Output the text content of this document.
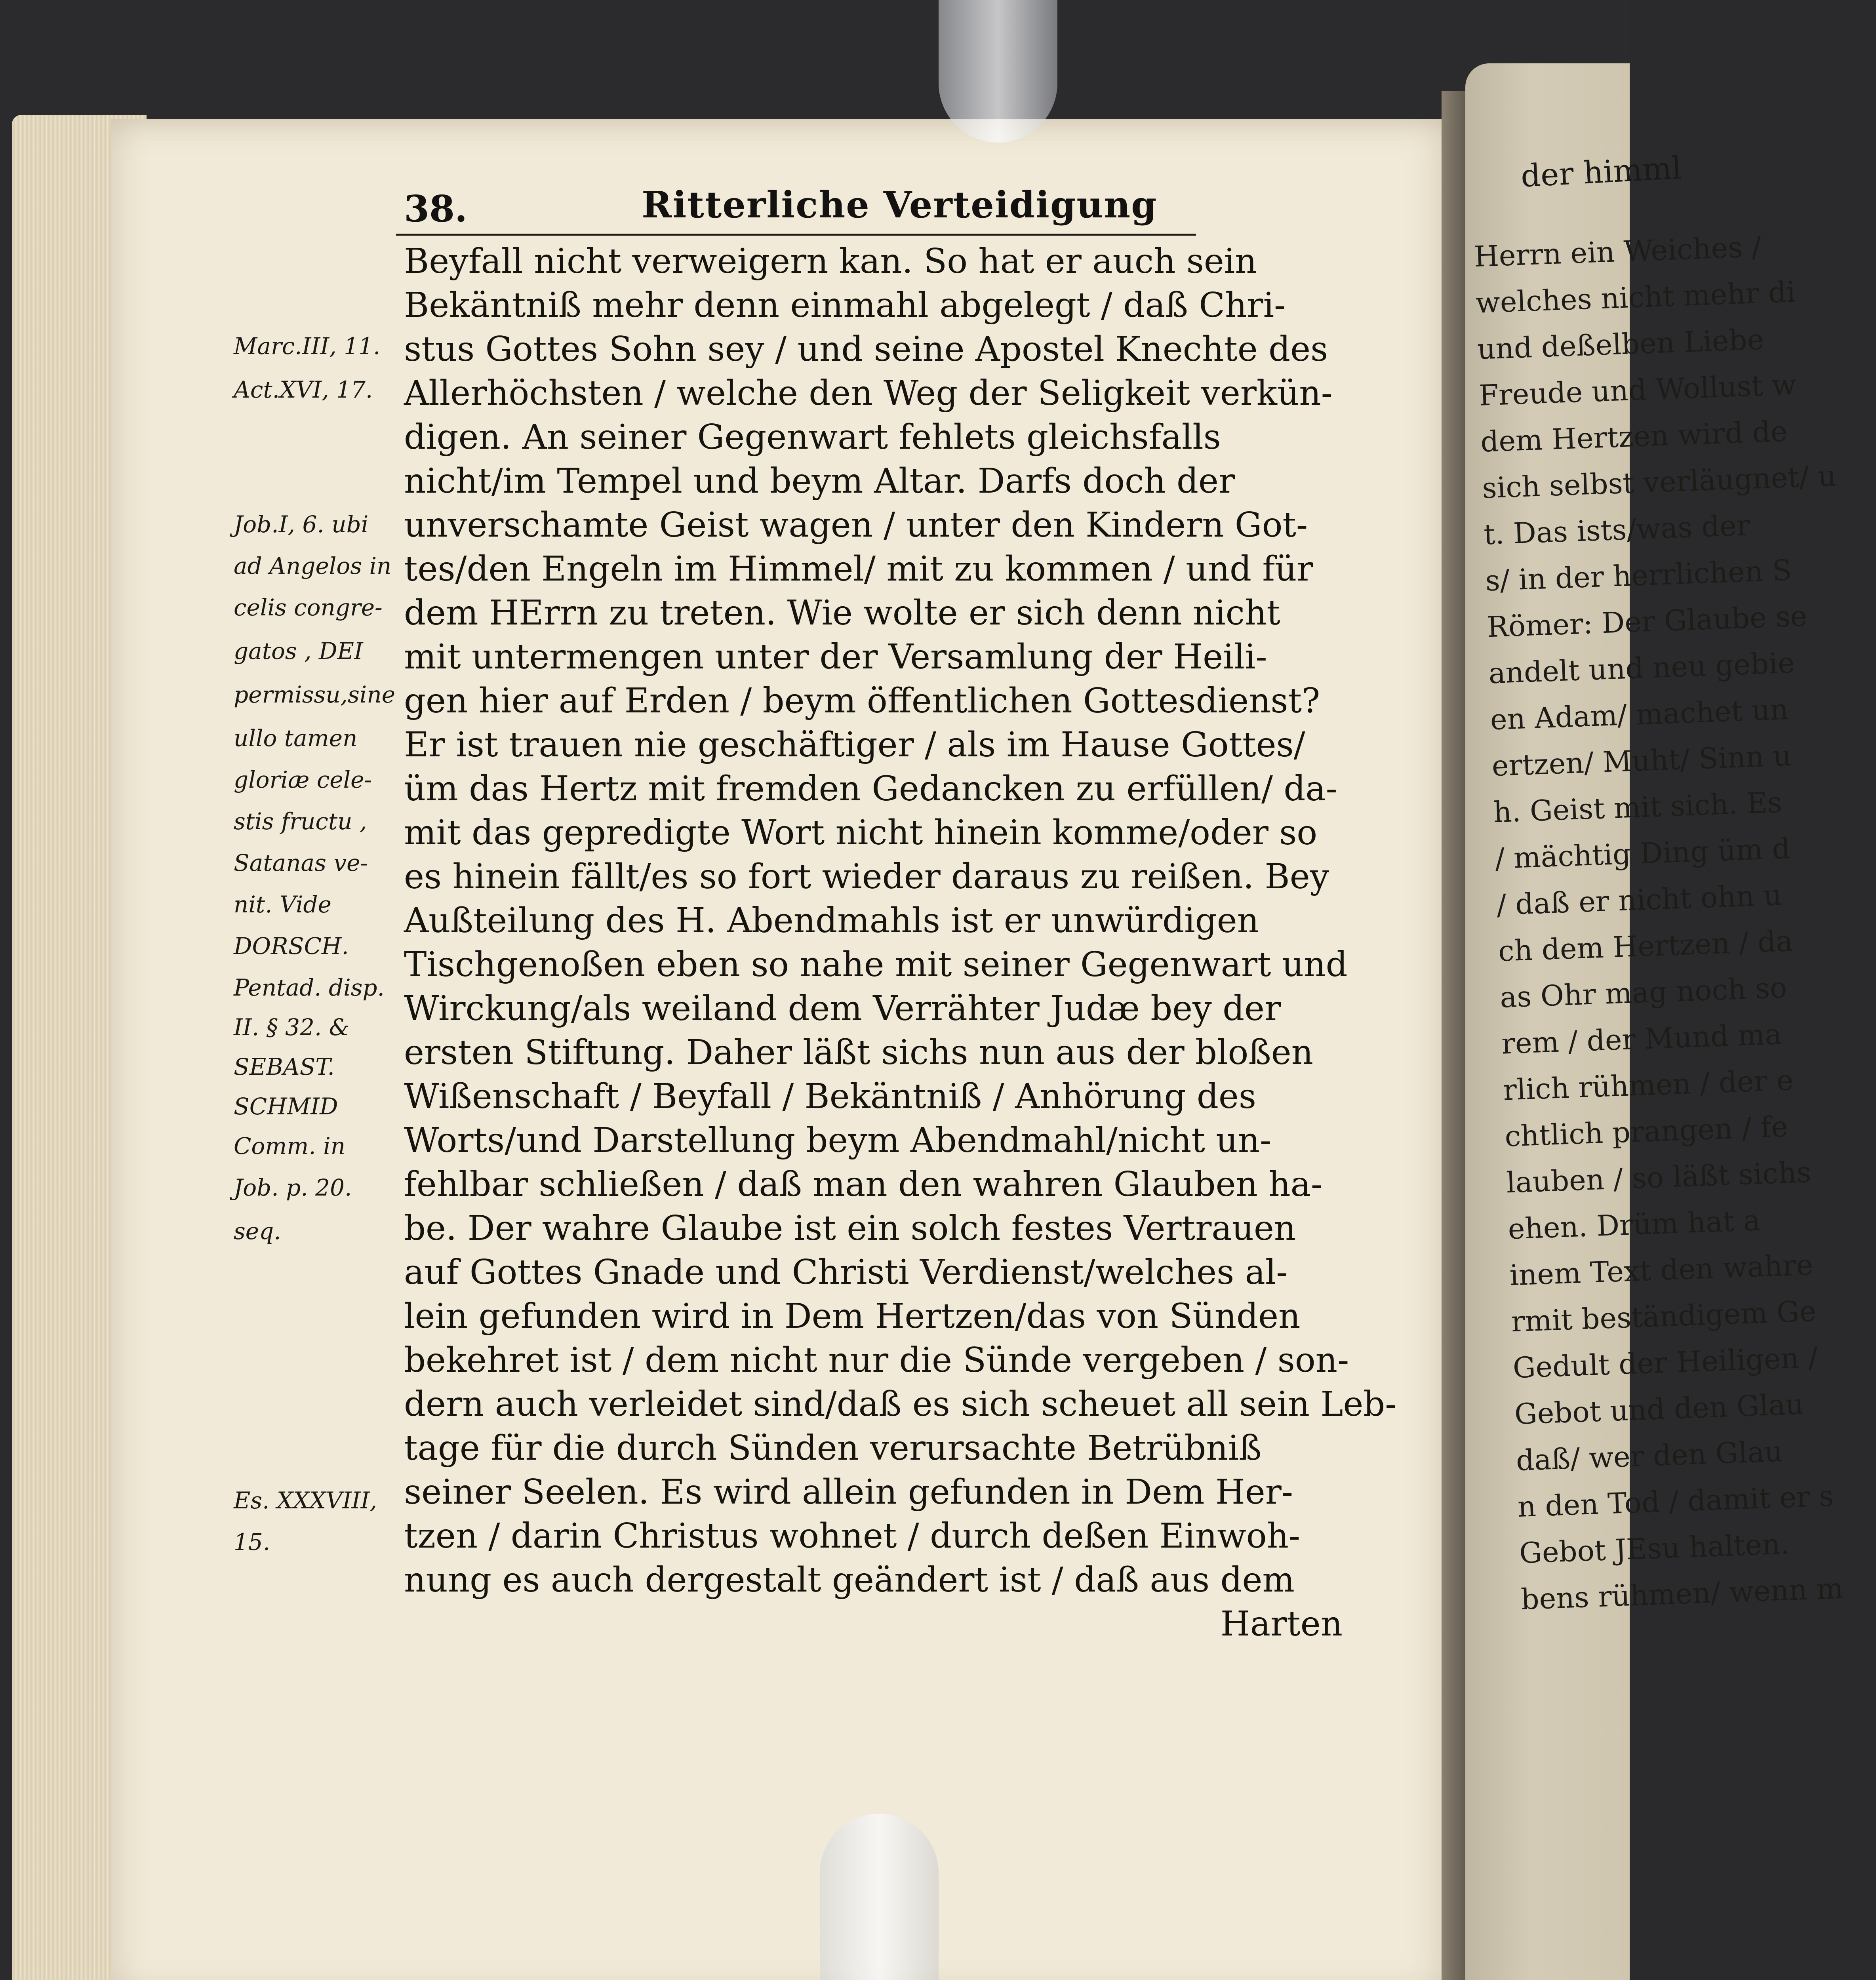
der himml
Herrn ein Weiches /
welches nicht mehr di
und deßelben Liebe
Freude und Wollust w
dem Hertzen wird de
sich selbst verläugnet/ u
t. Das ists/was der
s/ in der herrlichen S
Römer: Der Glaube se
andelt und neu gebie
en Adam/ machet un
ertzen/ Muht/ Sinn u
h. Geist mit sich. Es
/ mächtig Ding üm d
/ daß er nicht ohn u
ch dem Hertzen / da
as Ohr mag noch so
rem / der Mund ma
rlich rühmen / der e
chtlich prangen / fe
lauben / so läßt sichs
ehen. Drüm hat a
inem Text den wahre
rmit beständigem Ge
Gedult der Heiligen /
Gebot und den Glau
daß/ wer den Glau
n den Tod / damit er s
Gebot JEsu halten.
bens rühmen/ wenn m
38.	Ritterliche Verteidigung
Beyfall nicht verweigern kan. So hat er auch sein
Bekäntniß mehr denn einmahl abgelegt / daß Chri-
stus Gottes Sohn sey / und seine Apostel Knechte des
Allerhöchsten / welche den Weg der Seligkeit verkün-
digen. An seiner Gegenwart fehlets gleichsfalls
nicht/im Tempel und beym Altar. Darfs doch der
unverschamte Geist wagen / unter den Kindern Got-
tes/den Engeln im Himmel/ mit zu kommen / und für
dem HErrn zu treten. Wie wolte er sich denn nicht
mit untermengen unter der Versamlung der Heili-
gen hier auf Erden / beym öffentlichen Gottesdienst?
Er ist trauen nie geschäftiger / als im Hause Gottes/
üm das Hertz mit fremden Gedancken zu erfüllen/ da-
mit das gepredigte Wort nicht hinein komme/oder so
es hinein fällt/es so fort wieder daraus zu reißen. Bey
Außteilung des H. Abendmahls ist er unwürdigen
Tischgenoßen eben so nahe mit seiner Gegenwart und
Wirckung/als weiland dem Verrähter Judæ bey der
ersten Stiftung. Daher läßt sichs nun aus der bloßen
Wißenschaft / Beyfall / Bekäntniß / Anhörung des
Worts/und Darstellung beym Abendmahl/nicht un-
fehlbar schließen / daß man den wahren Glauben ha-
be. Der wahre Glaube ist ein solch festes Vertrauen
auf Gottes Gnade und Christi Verdienst/welches al-
lein gefunden wird in Dem Hertzen/das von Sünden
bekehret ist / dem nicht nur die Sünde vergeben / son-
dern auch verleidet sind/daß es sich scheuet all sein Leb-
tage für die durch Sünden verursachte Betrübniß
seiner Seelen. Es wird allein gefunden in Dem Her-
tzen / darin Christus wohnet / durch deßen Einwoh-
nung es auch dergestalt geändert ist / daß aus dem
Harten
Marc.III, 11.
Act.XVI, 17.
Job.I, 6. ubi
ad Angelos in
celis congre-
gatos , DEI
permissu,sine
ullo tamen
gloriæ cele-
stis fructu ,
Satanas ve-
nit. Vide
DORSCH.
Pentad. disp.
II. § 32. &
SEBAST.
SCHMID
Comm. in
Job. p. 20.
seq.
Es. XXXVIII,
15.
